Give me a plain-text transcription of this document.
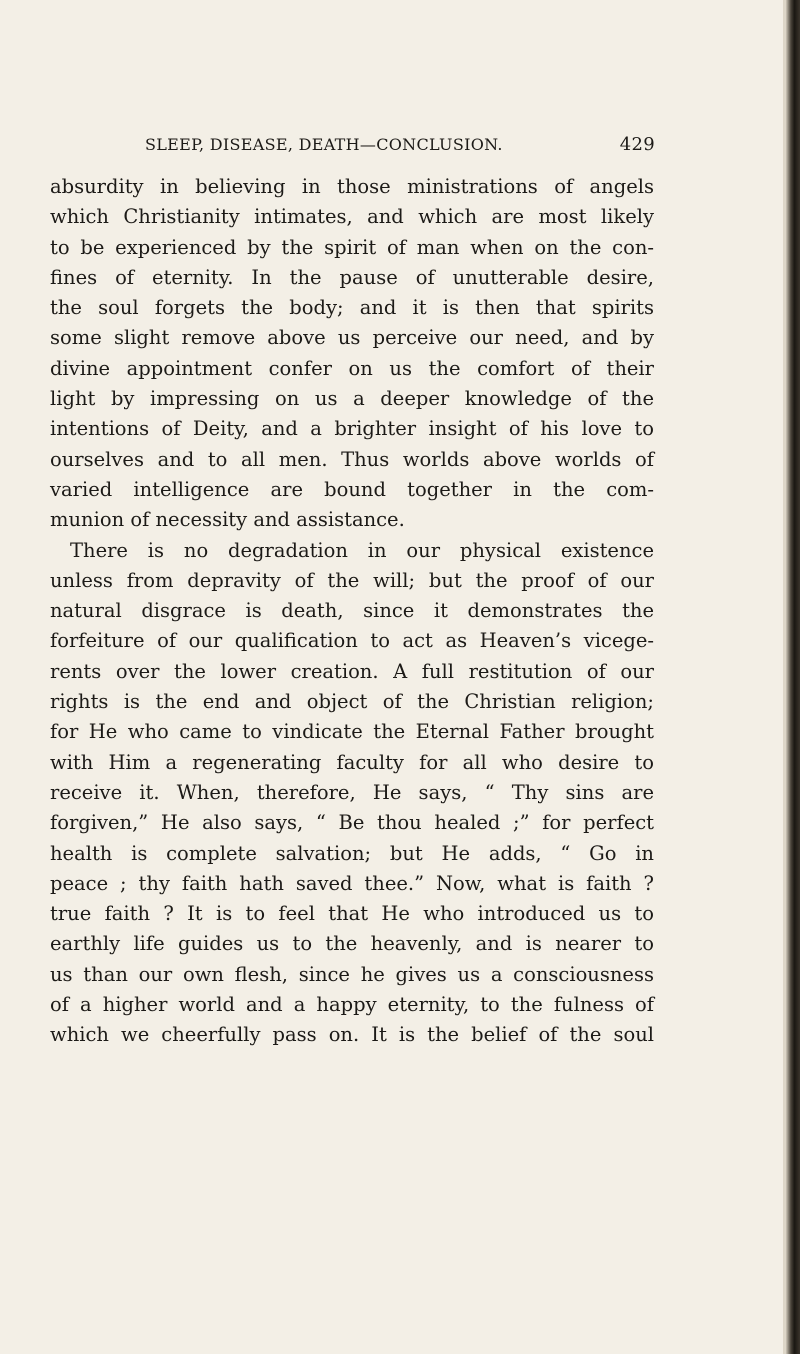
SLEEP, DISEASE, DEATH—CONCLUSION.	429
absurdity in believing in those ministrations of angels
which Christianity intimates, and which are most likely
to be experienced by the spirit of man when on the con-
fines of eternity. In the pause of unutterable desire,
the soul forgets the body; and it is then that spirits
some slight remove above us perceive our need, and by
divine appointment confer on us the comfort of their
light by impressing on us a deeper knowledge of the
intentions of Deity, and a brighter insight of his love to
ourselves and to all men. Thus worlds above worlds of
varied intelligence are bound together in the com-
munion of necessity and assistance.
There is no degradation in our physical existence
unless from depravity of the will; but the proof of our
natural disgrace is death, since it demonstrates the
forfeiture of our qualification to act as Heaven’s vicege-
rents over the lower creation. A full restitution of our
rights is the end and object of the Christian religion;
for He who came to vindicate the Eternal Father brought
with Him a regenerating faculty for all who desire to
receive it. When, therefore, He says, “ Thy sins are
forgiven,” He also says, “ Be thou healed ;” for perfect
health is complete salvation; but He adds, “ Go in
peace ; thy faith hath saved thee.” Now, what is faith ?
true faith ? It is to feel that He who introduced us to
earthly life guides us to the heavenly, and is nearer to
us than our own flesh, since he gives us a consciousness
of a higher world and a happy eternity, to the fulness of
which we cheerfully pass on. It is the belief of the soul
